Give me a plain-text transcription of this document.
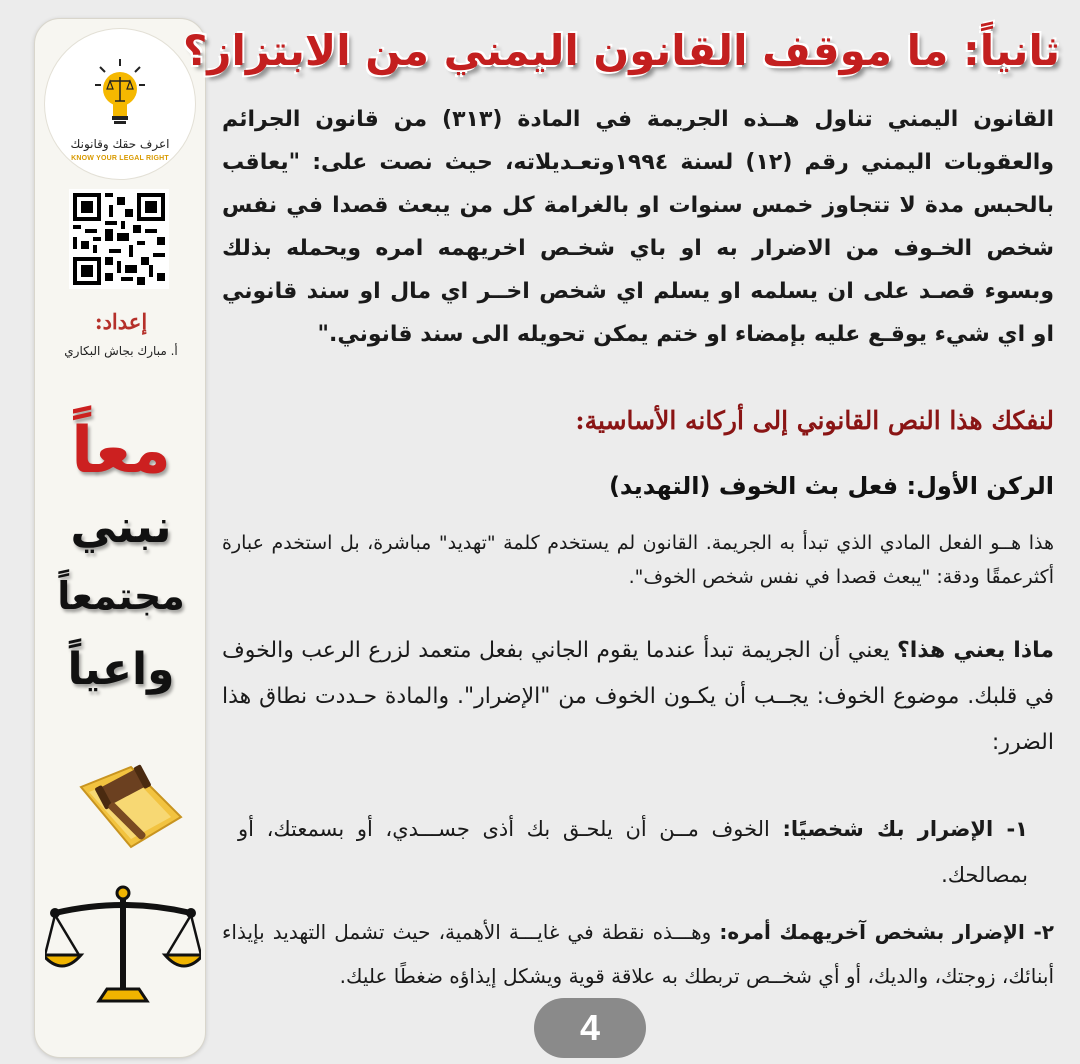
اعرف حقك وقانونك
KNOW YOUR LEGAL RIGHT
إعداد:
أ. مبارك بجاش البكاري
معاً
نبني
مجتمعاً
واعياً
ثانياً: ما موقف القانون اليمني من الابتزاز؟

القانون اليمني تناول هــذه الجريمة في المادة (٣١٣) من قانون الجرائم والعقوبات اليمني رقم (١٢) لسنة ١٩٩٤وتعـديلاته، حيث نصت على: "يعاقب بالحبس مدة لا تتجاوز خمس سنوات او بالغرامة كل من يبعث قصدا في نفس شخص الخـوف من الاضرار به او باي شخـص اخريهمه امره ويحمله بذلك وبسوء قصـد على ان يسلمه او يسلم اي شخص اخــر اي مال او سند قانوني او اي شيء يوقـع عليه بإمضاء او ختم يمكن تحويله الى سند قانوني."

لنفكك هذا النص القانوني إلى أركانه الأساسية:
الركن الأول: فعل بث الخوف (التهديد)

هذا هــو الفعل المادي الذي تبدأ به الجريمة. القانون لم يستخدم كلمة "تهديد" مباشرة، بل استخدم عبارة أكثرعمقًا ودقة: "يبعث قصدا في نفس شخص الخوف".

ماذا يعني هذا؟ يعني أن الجريمة تبدأ عندما يقوم الجاني بفعل متعمد لزرع الرعب والخوف في قلبك. موضوع الخوف: يجــب أن يكـون الخوف من "الإضرار". والمادة حـددت نطاق هذا الضرر:

١- الإضرار بك شخصيًا: الخوف مــن أن يلحـق بك أذى جســـدي، أو بسمعتك، أو بمصالحك.

٢- الإضرار بشخص آخريهمك أمره: وهـــذه نقطة في غايـــة الأهمية، حيث تشمل التهديد بإيذاء أبنائك، زوجتك، والديك، أو أي شخــص تربطك به علاقة قوية ويشكل إيذاؤه ضغطًا عليك.

4
